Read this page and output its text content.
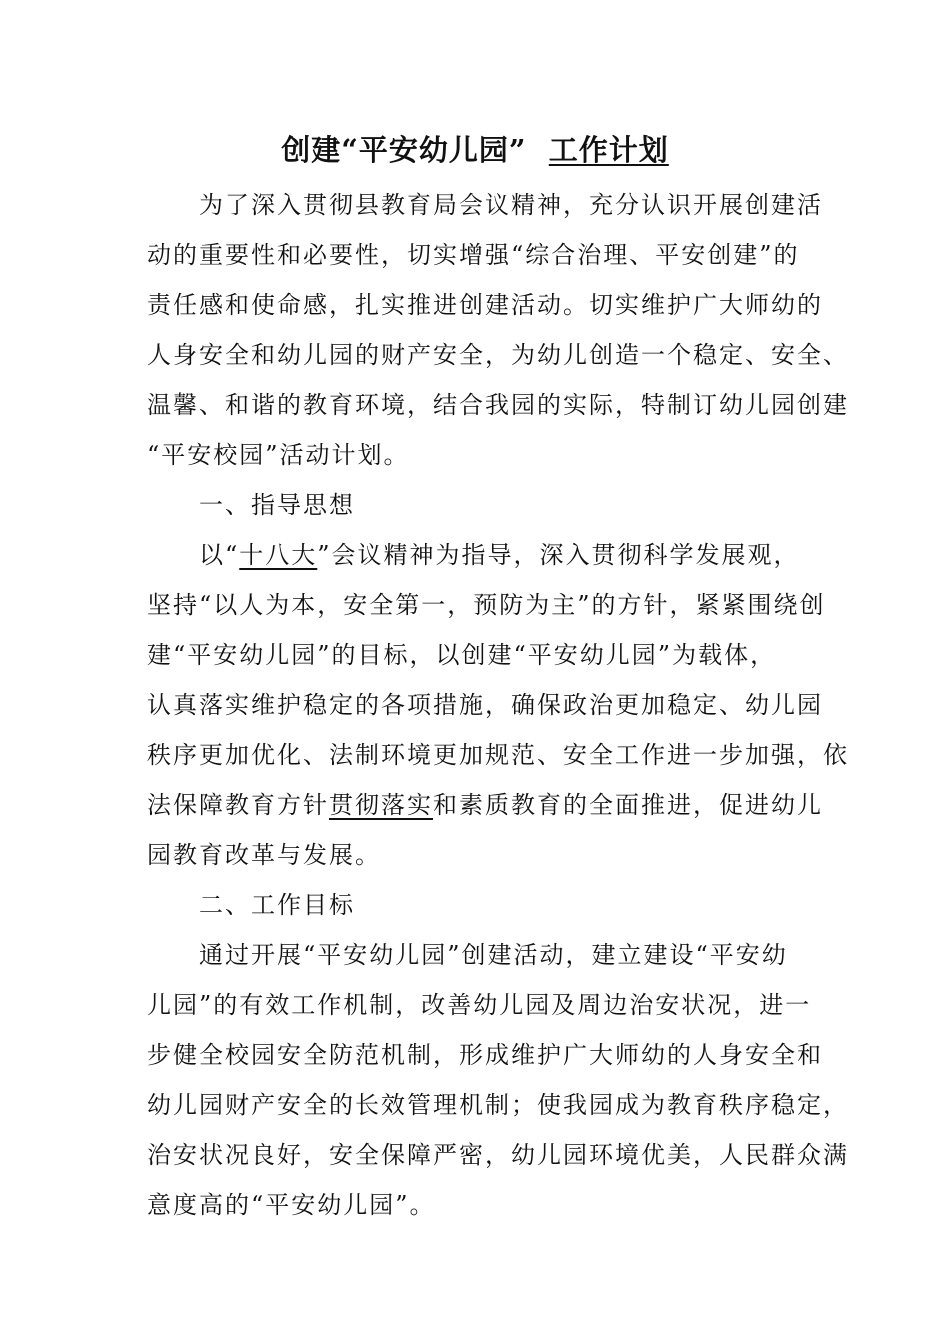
创建“平安幼儿园” 工作计划
为了深入贯彻县教育局会议精神，充分认识开展创建活
动的重要性和必要性，切实增强“综合治理、平安创建”的
责任感和使命感，扎实推进创建活动。切实维护广大师幼的
人身安全和幼儿园的财产安全，为幼儿创造一个稳定、安全、
温馨、和谐的教育环境，结合我园的实际，特制订幼儿园创建
“平安校园”活动计划。
一、指导思想
以“十八大”会议精神为指导，深入贯彻科学发展观，
坚持“以人为本，安全第一，预防为主”的方针，紧紧围绕创
建“平安幼儿园”的目标，以创建“平安幼儿园”为载体，
认真落实维护稳定的各项措施，确保政治更加稳定、幼儿园
秩序更加优化、法制环境更加规范、安全工作进一步加强，依
法保障教育方针贯彻落实和素质教育的全面推进，促进幼儿
园教育改革与发展。
二、工作目标
通过开展“平安幼儿园”创建活动，建立建设“平安幼
儿园”的有效工作机制，改善幼儿园及周边治安状况，进一
步健全校园安全防范机制，形成维护广大师幼的人身安全和
幼儿园财产安全的长效管理机制；使我园成为教育秩序稳定，
治安状况良好，安全保障严密，幼儿园环境优美，人民群众满
意度高的“平安幼儿园”。
